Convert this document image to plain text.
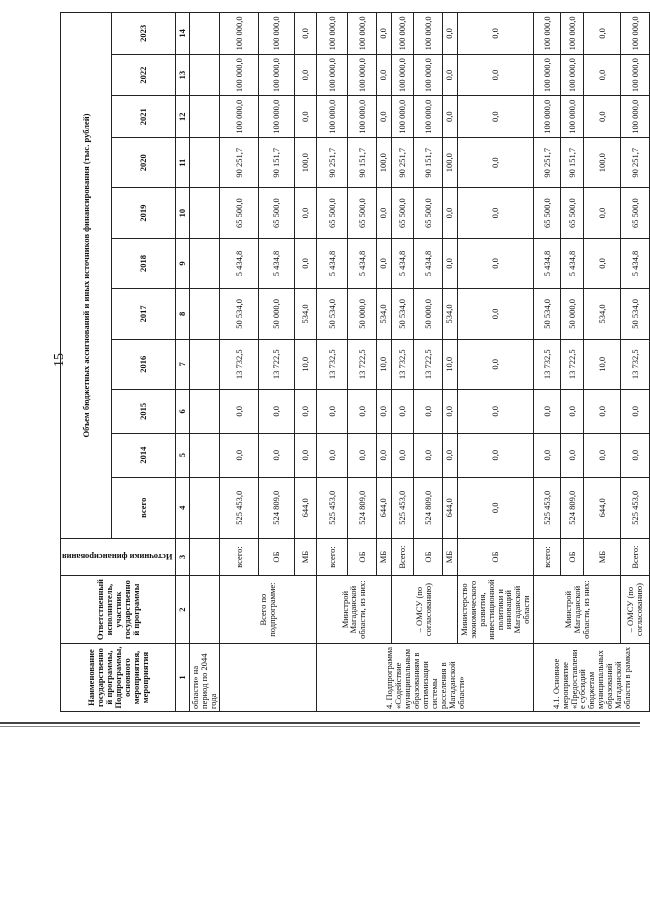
15
Наименование государственной программы, Подпрограммы, основного мероприятия, мероприятия	Ответственный исполнитель, участник государственной программы	Источники финансирования	Объем бюджетных ассигнований и иных источников финансирования (тыс. рублей)										
			всего	2014	2015	2016	2017	2018	2019	2020	2021	2022	2023
1	2	3	4	5	6	7	8	9	10	11	12	13	14
области» на период по 2044 года													
	Всего по подпрограмме:	всего:	525 453,0	0,0	0,0	13 732,5	50 534,0	5 434,8	65 500,0	90 251,7	100 000,0	100 000,0	100 000,0
		ОБ	524 809,0	0,0	0,0	13 722,5	50 000,0	5 434,8	65 500,0	90 151,7	100 000,0	100 000,0	100 000,0
		МБ	644,0	0,0	0,0	10,0	534,0	0,0	0,0	100,0	0,0	0,0	0,0
4. Подпрограмма «Содействие муниципальным образованиям в оптимизации системы расселения в Магаданской области»	Минстрой Магаданской области, из них:	всего:	525 453,0	0,0	0,0	13 732,5	50 534,0	5 434,8	65 500,0	90 251,7	100 000,0	100 000,0	100 000,0
		ОБ	524 809,0	0,0	0,0	13 722,5	50 000,0	5 434,8	65 500,0	90 151,7	100 000,0	100 000,0	100 000,0
		МБ	644,0	0,0	0,0	10,0	534,0	0,0	0,0	100,0	0,0	0,0	0,0
	– ОМСУ (по согласованию)	Всего:	525 453,0	0,0	0,0	13 732,5	50 534,0	5 434,8	65 500,0	90 251,7	100 000,0	100 000,0	100 000,0
		ОБ	524 809,0	0,0	0,0	13 722,5	50 000,0	5 434,8	65 500,0	90 151,7	100 000,0	100 000,0	100 000,0
		МБ	644,0	0,0	0,0	10,0	534,0	0,0	0,0	100,0	0,0	0,0	0,0
	Министерство экономического развития, инвестиционной политики и инноваций Магаданской области	ОБ	0,0	0,0	0,0	0,0	0,0	0,0	0,0	0,0	0,0	0,0	0,0
4.1. Основное мероприятие «Предоставление субсидий бюджетам муниципальных образований Магаданской области в рамках	Минстрой Магаданской области, из них:	всего:	525 453,0	0,0	0,0	13 732,5	50 534,0	5 434,8	65 500,0	90 251,7	100 000,0	100 000,0	100 000,0
		ОБ	524 809,0	0,0	0,0	13 722,5	50 000,0	5 434,8	65 500,0	90 151,7	100 000,0	100 000,0	100 000,0
		МБ	644,0	0,0	0,0	10,0	534,0	0,0	0,0	100,0	0,0	0,0	0,0
	– ОМСУ (по согласованию)	Всего:	525 453,0	0,0	0,0	13 732,5	50 534,0	5 434,8	65 500,0	90 251,7	100 000,0	100 000,0	100 000,0
